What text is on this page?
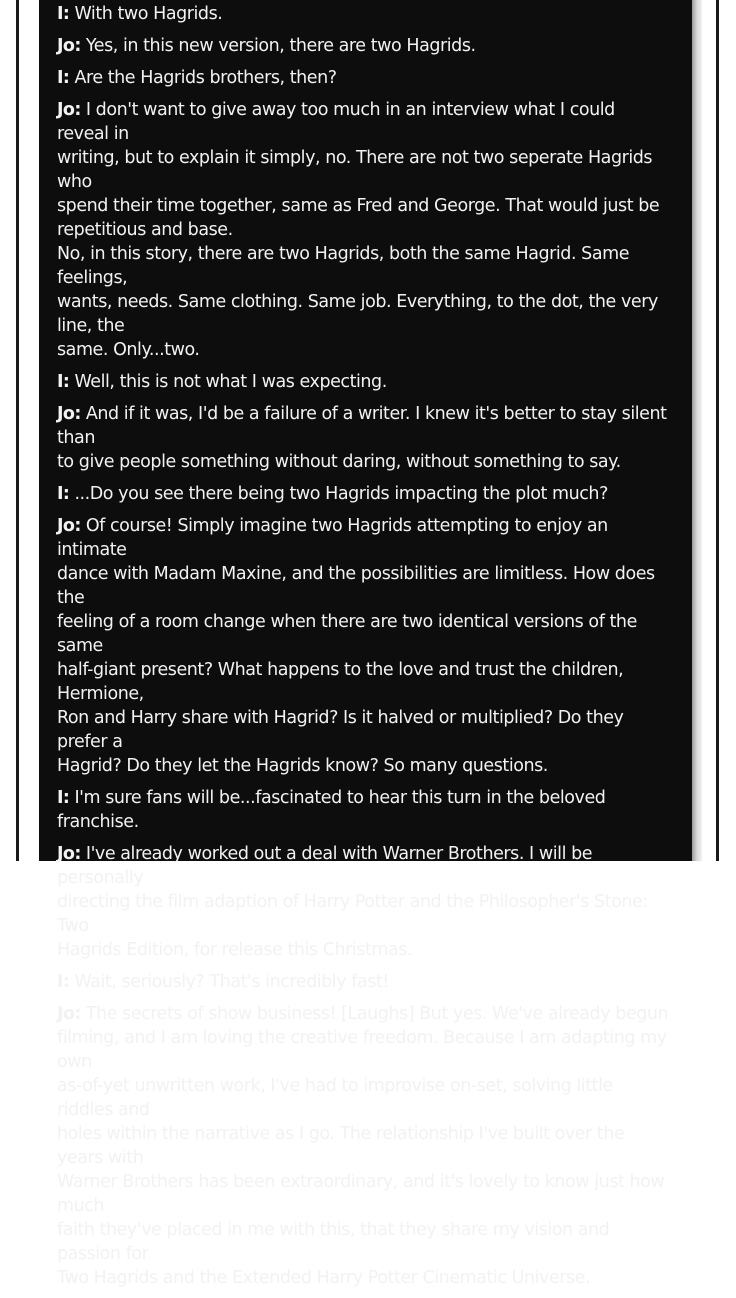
I: With two Hagrids.
Jo: Yes, in this new version, there are two Hagrids.
I: Are the Hagrids brothers, then?
Jo: I don't want to give away too much in an interview what I could reveal in
writing, but to explain it simply, no. There are not two seperate Hagrids who
spend their time together, same as Fred and George. That would just be
repetitious and base.
No, in this story, there are two Hagrids, both the same Hagrid. Same feelings,
wants, needs. Same clothing. Same job. Everything, to the dot, the very line, the
same. Only...two.
I: Well, this is not what I was expecting.
Jo: And if it was, I'd be a failure of a writer. I knew it's better to stay silent than
to give people something without daring, without something to say.
I: ...Do you see there being two Hagrids impacting the plot much?
Jo: Of course! Simply imagine two Hagrids attempting to enjoy an intimate
dance with Madam Maxine, and the possibilities are limitless. How does the
feeling of a room change when there are two identical versions of the same
half-giant present? What happens to the love and trust the children, Hermione,
Ron and Harry share with Hagrid? Is it halved or multiplied? Do they prefer a
Hagrid? Do they let the Hagrids know? So many questions.
I: I'm sure fans will be...fascinated to hear this turn in the beloved franchise.
Jo: I've already worked out a deal with Warner Brothers. I will be personally
directing the film adaption of Harry Potter and the Philosopher's Stone: Two
Hagrids Edition, for release this Christmas.
I: Wait, seriously? That's incredibly fast!
Jo: The secrets of show business! [Laughs] But yes. We've already begun
filming, and I am loving the creative freedom. Because I am adapting my own
as-of-yet unwritten work, I've had to improvise on-set, solving little riddles and
holes within the narrative as I go. The relationship I've built over the years with
Warner Brothers has been extraordinary, and it's lovely to know just how much
faith they've placed in me with this, that they share my vision and passion for
Two Hagrids and the Extended Harry Potter Cinematic Universe.
